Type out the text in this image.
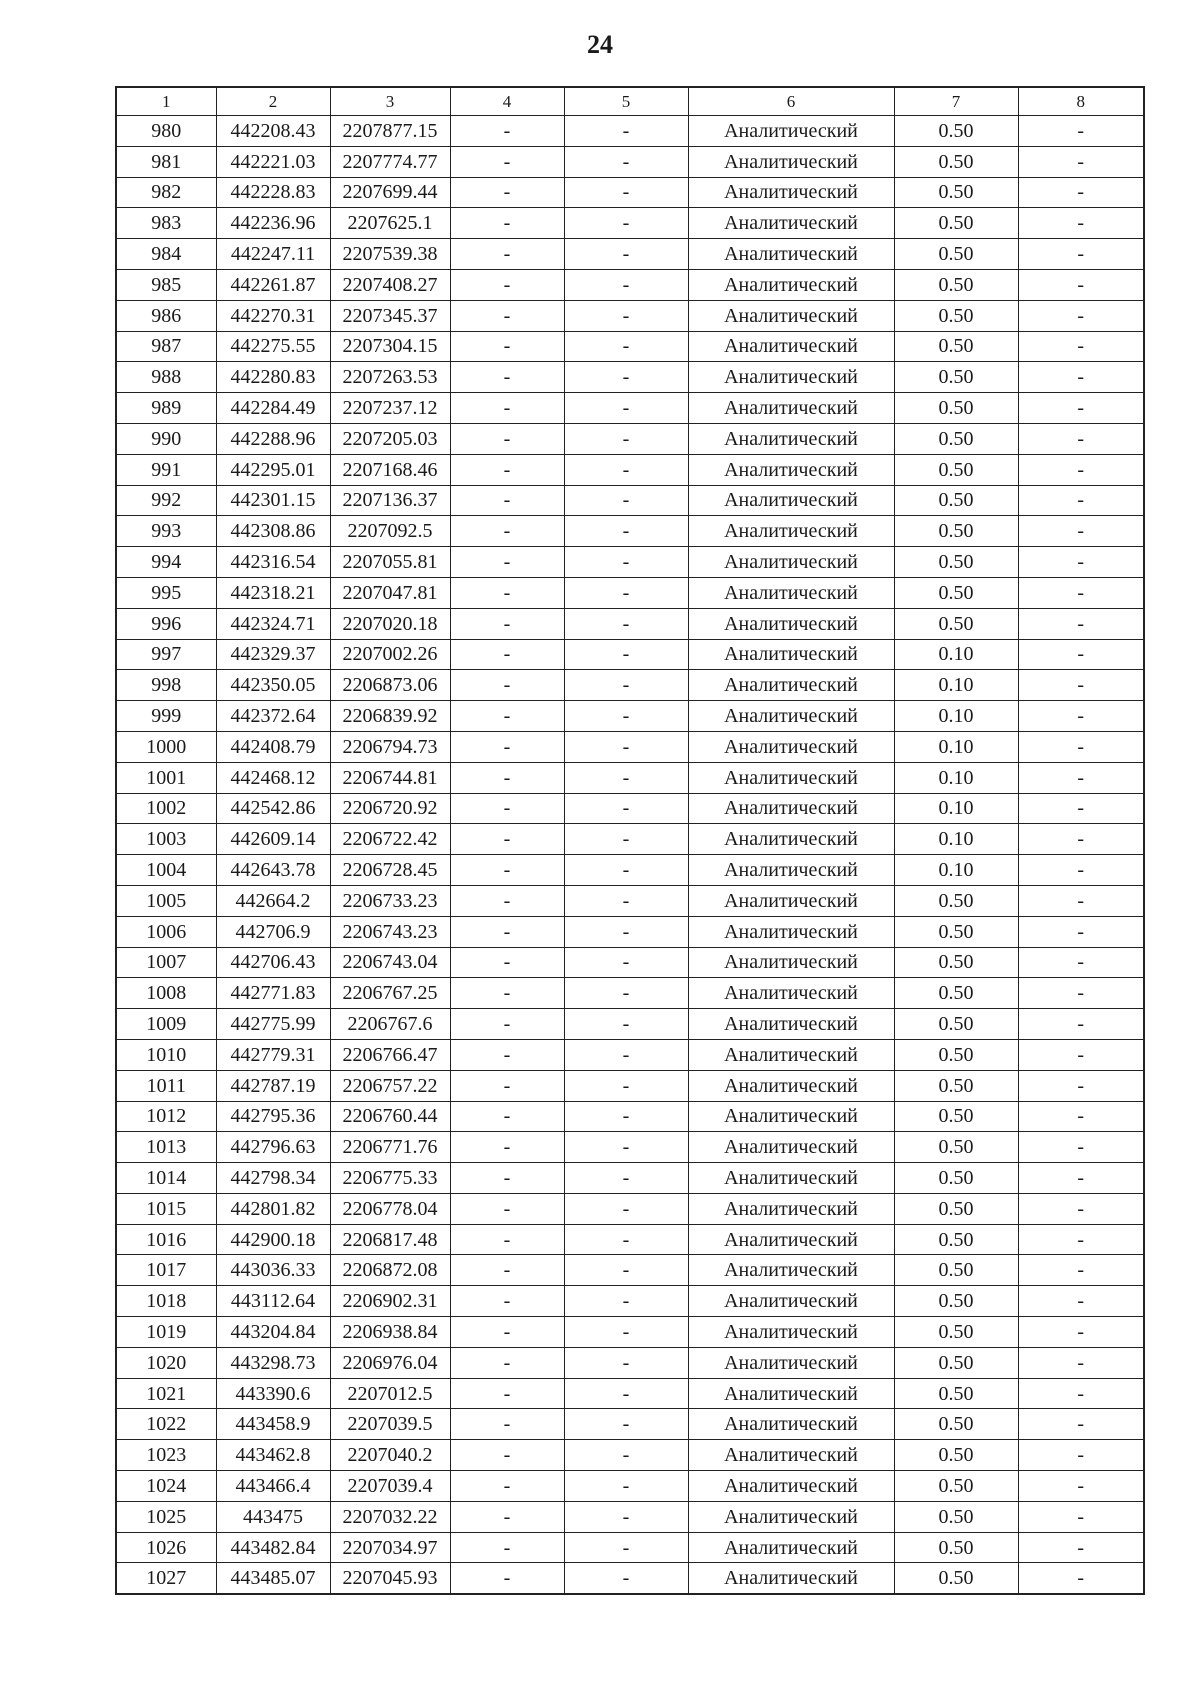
24
1	2	3	4	5	6	7	8
980	442208.43	2207877.15	-	-	Аналитический	0.50	-
981	442221.03	2207774.77	-	-	Аналитический	0.50	-
982	442228.83	2207699.44	-	-	Аналитический	0.50	-
983	442236.96	2207625.1	-	-	Аналитический	0.50	-
984	442247.11	2207539.38	-	-	Аналитический	0.50	-
985	442261.87	2207408.27	-	-	Аналитический	0.50	-
986	442270.31	2207345.37	-	-	Аналитический	0.50	-
987	442275.55	2207304.15	-	-	Аналитический	0.50	-
988	442280.83	2207263.53	-	-	Аналитический	0.50	-
989	442284.49	2207237.12	-	-	Аналитический	0.50	-
990	442288.96	2207205.03	-	-	Аналитический	0.50	-
991	442295.01	2207168.46	-	-	Аналитический	0.50	-
992	442301.15	2207136.37	-	-	Аналитический	0.50	-
993	442308.86	2207092.5	-	-	Аналитический	0.50	-
994	442316.54	2207055.81	-	-	Аналитический	0.50	-
995	442318.21	2207047.81	-	-	Аналитический	0.50	-
996	442324.71	2207020.18	-	-	Аналитический	0.50	-
997	442329.37	2207002.26	-	-	Аналитический	0.10	-
998	442350.05	2206873.06	-	-	Аналитический	0.10	-
999	442372.64	2206839.92	-	-	Аналитический	0.10	-
1000	442408.79	2206794.73	-	-	Аналитический	0.10	-
1001	442468.12	2206744.81	-	-	Аналитический	0.10	-
1002	442542.86	2206720.92	-	-	Аналитический	0.10	-
1003	442609.14	2206722.42	-	-	Аналитический	0.10	-
1004	442643.78	2206728.45	-	-	Аналитический	0.10	-
1005	442664.2	2206733.23	-	-	Аналитический	0.50	-
1006	442706.9	2206743.23	-	-	Аналитический	0.50	-
1007	442706.43	2206743.04	-	-	Аналитический	0.50	-
1008	442771.83	2206767.25	-	-	Аналитический	0.50	-
1009	442775.99	2206767.6	-	-	Аналитический	0.50	-
1010	442779.31	2206766.47	-	-	Аналитический	0.50	-
1011	442787.19	2206757.22	-	-	Аналитический	0.50	-
1012	442795.36	2206760.44	-	-	Аналитический	0.50	-
1013	442796.63	2206771.76	-	-	Аналитический	0.50	-
1014	442798.34	2206775.33	-	-	Аналитический	0.50	-
1015	442801.82	2206778.04	-	-	Аналитический	0.50	-
1016	442900.18	2206817.48	-	-	Аналитический	0.50	-
1017	443036.33	2206872.08	-	-	Аналитический	0.50	-
1018	443112.64	2206902.31	-	-	Аналитический	0.50	-
1019	443204.84	2206938.84	-	-	Аналитический	0.50	-
1020	443298.73	2206976.04	-	-	Аналитический	0.50	-
1021	443390.6	2207012.5	-	-	Аналитический	0.50	-
1022	443458.9	2207039.5	-	-	Аналитический	0.50	-
1023	443462.8	2207040.2	-	-	Аналитический	0.50	-
1024	443466.4	2207039.4	-	-	Аналитический	0.50	-
1025	443475	2207032.22	-	-	Аналитический	0.50	-
1026	443482.84	2207034.97	-	-	Аналитический	0.50	-
1027	443485.07	2207045.93	-	-	Аналитический	0.50	-
